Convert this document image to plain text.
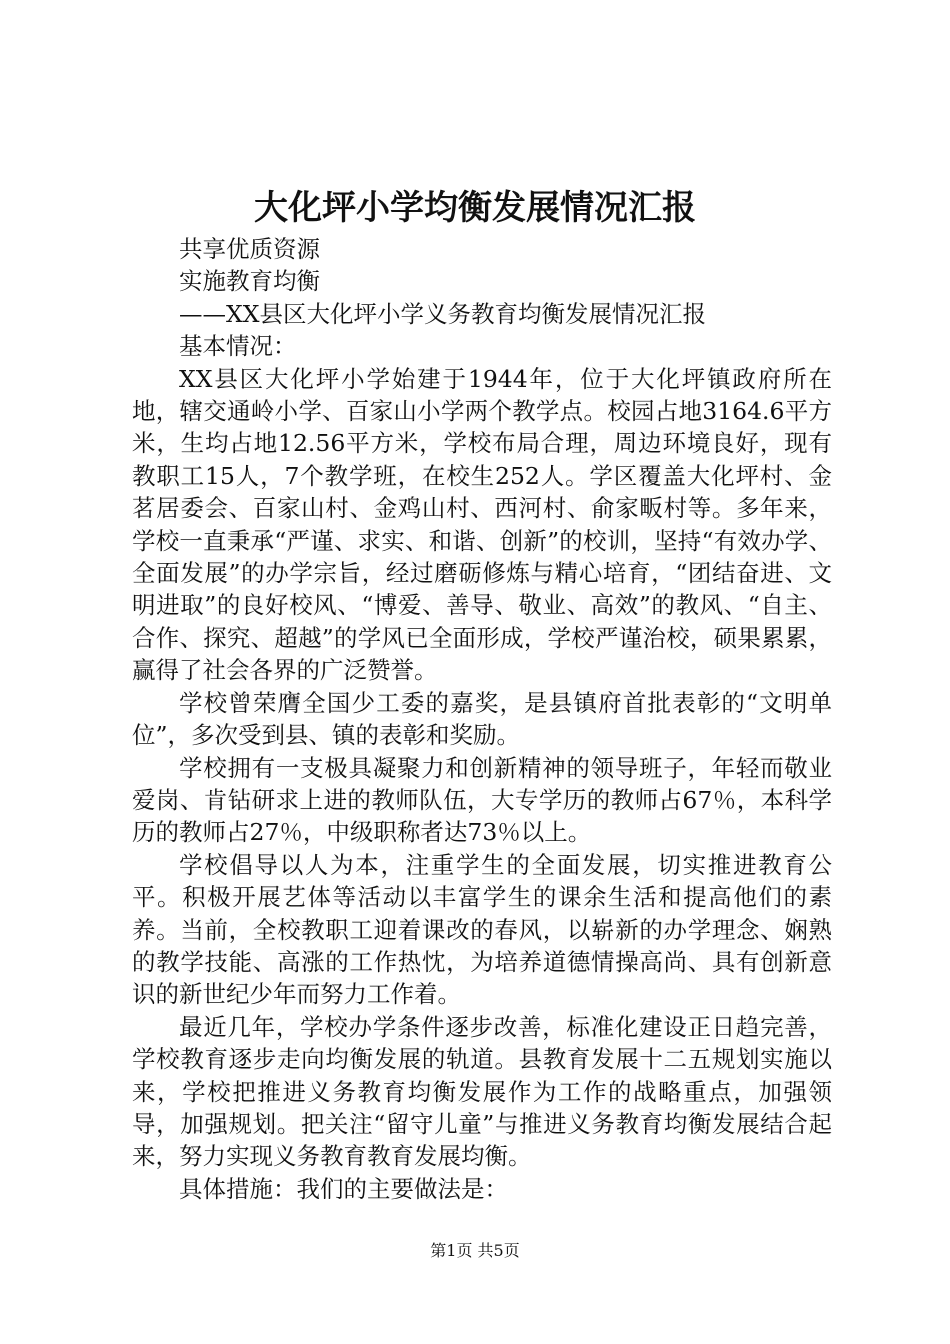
大化坪小学均衡发展情况汇报

共享优质资源

实施教育均衡

——XX县区大化坪小学义务教育均衡发展情况汇报

基本情况：

XX县区大化坪小学始建于1944年，位于大化坪镇政府所在地，辖交通岭小学、百家山小学两个教学点。校园占地3164.6平方米，生均占地12.56平方米，学校布局合理，周边环境良好，现有教职工15人，7个教学班，在校生252人。学区覆盖大化坪村、金茗居委会、百家山村、金鸡山村、西河村、俞家畈村等。多年来，学校一直秉承“严谨、求实、和谐、创新”的校训，坚持“有效办学、全面发展”的办学宗旨，经过磨砺修炼与精心培育，“团结奋进、文明进取”的良好校风、“博爱、善导、敬业、高效”的教风、“自主、合作、探究、超越”的学风已全面形成，学校严谨治校，硕果累累，赢得了社会各界的广泛赞誉。

学校曾荣膺全国少工委的嘉奖，是县镇府首批表彰的“文明单位”，多次受到县、镇的表彰和奖励。

学校拥有一支极具凝聚力和创新精神的领导班子，年轻而敬业爱岗、肯钻研求上进的教师队伍，大专学历的教师占67％，本科学历的教师占27％，中级职称者达73％以上。

学校倡导以人为本，注重学生的全面发展，切实推进教育公平。积极开展艺体等活动以丰富学生的课余生活和提高他们的素养。当前，全校教职工迎着课改的春风，以崭新的办学理念、娴熟的教学技能、高涨的工作热忱，为培养道德情操高尚、具有创新意识的新世纪少年而努力工作着。

最近几年，学校办学条件逐步改善，标准化建设正日趋完善，学校教育逐步走向均衡发展的轨道。县教育发展十二五规划实施以来，学校把推进义务教育均衡发展作为工作的战略重点，加强领导，加强规划。把关注“留守儿童”与推进义务教育均衡发展结合起来，努力实现义务教育教育发展均衡。

具体措施：我们的主要做法是：

第1页 共5页
